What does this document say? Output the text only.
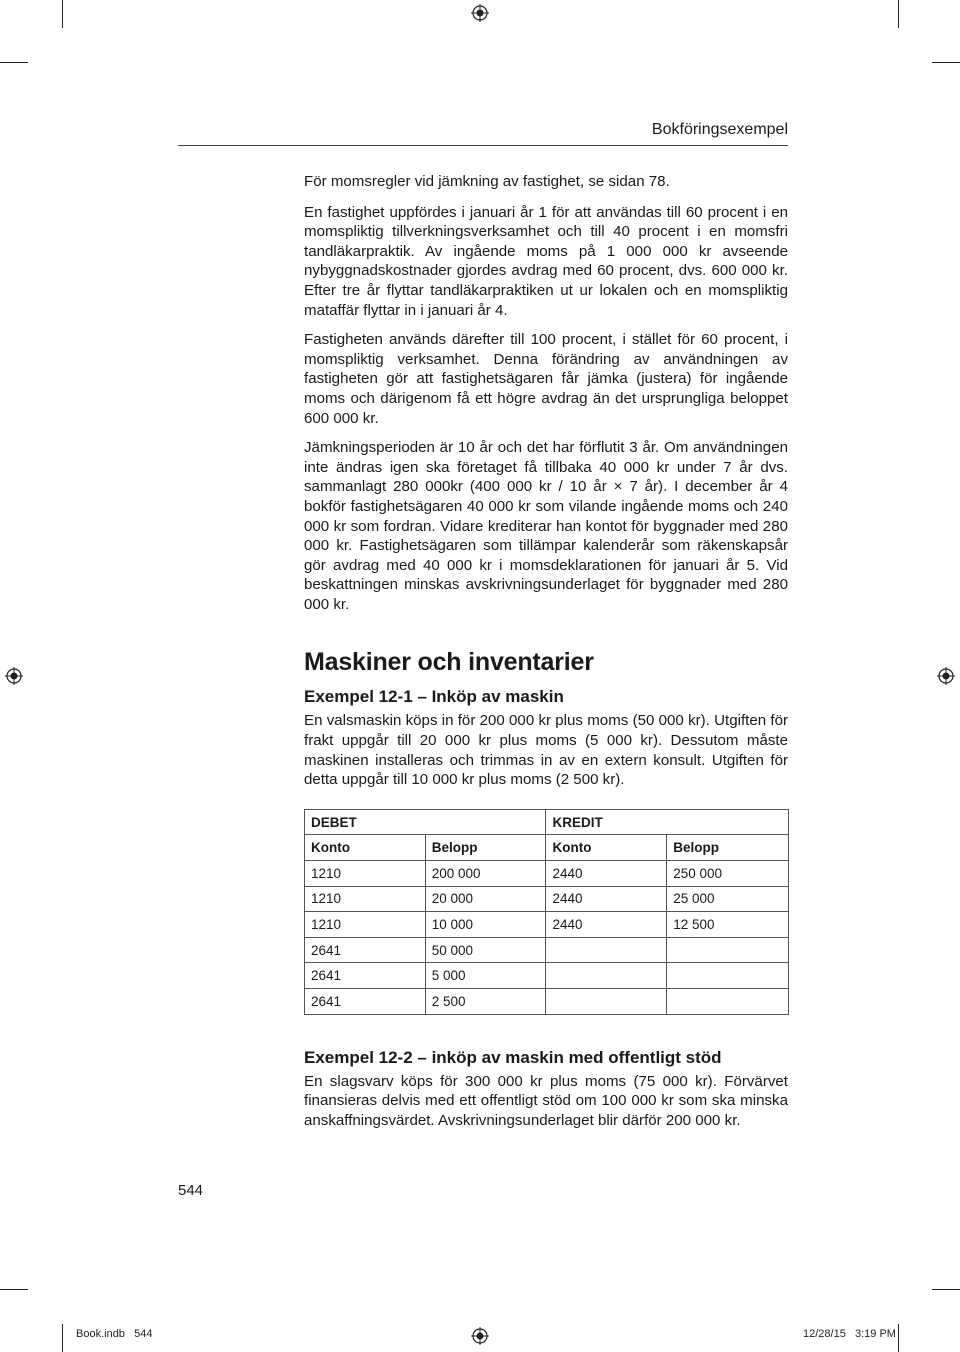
Bokföringsexempel

För momsregler vid jämkning av fastighet, se sidan 78.

En fastighet uppfördes i januari år 1 för att användas till 60 procent i en momspliktig tillverkningsverksamhet och till 40 procent i en momsfri tandläkarpraktik. Av ingående moms på 1 000 000 kr avseende nybyggnadskostnader gjordes avdrag med 60 procent, dvs. 600 000 kr. Efter tre år flyttar tandläkarpraktiken ut ur lokalen och en momspliktig mataffär flyttar in i januari år 4.

Fastigheten används därefter till 100 procent, i stället för 60 procent, i momspliktig verksamhet. Denna förändring av användningen av fastigheten gör att fastighetsägaren får jämka (justera) för ingående moms och därigenom få ett högre avdrag än det ursprungliga beloppet 600 000 kr.

Jämkningsperioden är 10 år och det har förflutit 3 år. Om användningen inte ändras igen ska företaget få tillbaka 40 000 kr under 7 år dvs. sammanlagt 280 000kr (400 000 kr / 10 år × 7 år). I december år 4 bokför fastighetsägaren 40 000 kr som vilande ingående moms och 240 000 kr som fordran. Vidare krediterar han kontot för byggnader med 280 000 kr. Fastighetsägaren som tillämpar kalenderår som räkenskapsår gör avdrag med 40 000 kr i momsdeklarationen för januari år 5. Vid beskattningen minskas avskrivningsunderlaget för byggnader med 280 000 kr.

Maskiner och inventarier
Exempel 12-1 – Inköp av maskin

En valsmaskin köps in för 200 000 kr plus moms (50 000 kr). Utgiften för frakt uppgår till 20 000 kr plus moms (5 000 kr). Dessutom måste maskinen installeras och trimmas in av en extern konsult. Utgiften för detta uppgår till 10 000 kr plus moms (2 500 kr).

DEBET		KREDIT	
Konto	Belopp	Konto	Belopp
1210	200 000	2440	250 000
1210	20 000	2440	25 000
1210	10 000	2440	12 500
2641	50 000		
2641	5 000		
2641	2 500		
Exempel 12-2 – inköp av maskin med offentligt stöd

En slagsvarv köps för 300 000 kr plus moms (75 000 kr). Förvärvet finansieras delvis med ett offentligt stöd om 100 000 kr som ska minska anskaffningsvärdet. Avskrivningsunderlaget blir därför 200 000 kr.

544
Book.indb 544	12/28/15 3:19 PM
